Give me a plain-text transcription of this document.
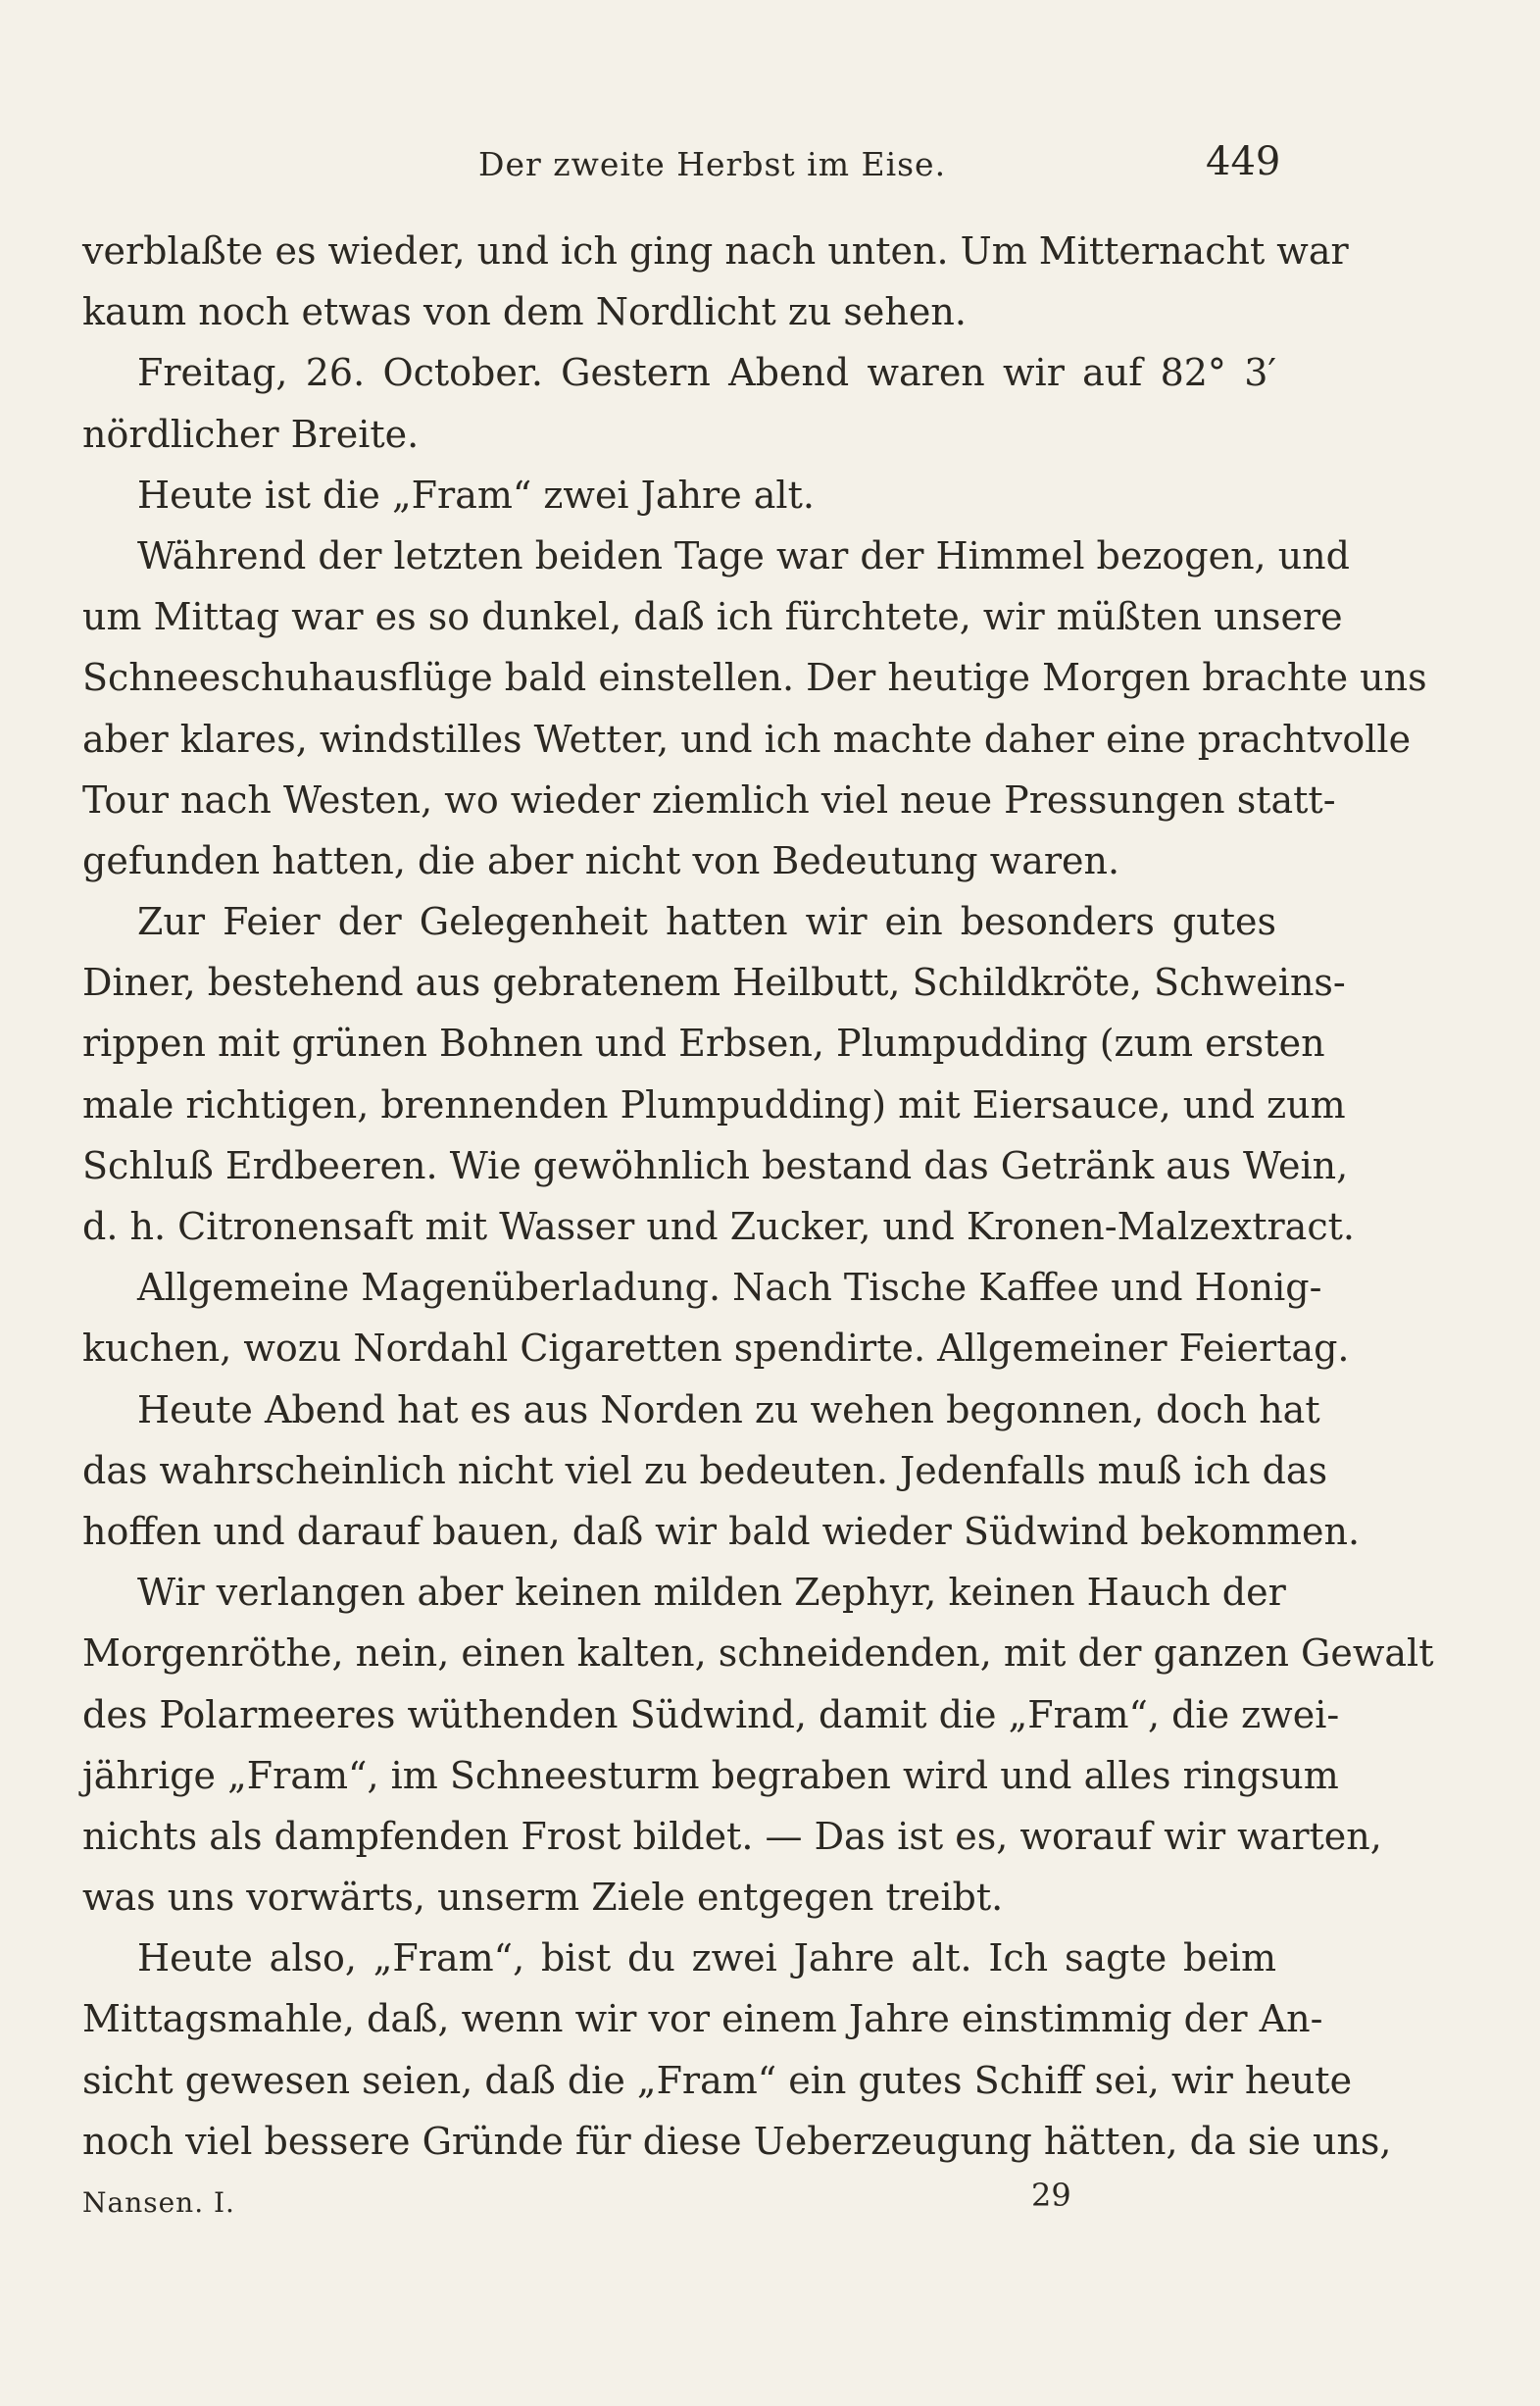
Der zweite Herbst im Eise.	449
verblaßte es wieder, und ich ging nach unten. Um Mitternacht war
kaum noch etwas von dem Nordlicht zu sehen.
Freitag, 26. October. Gestern Abend waren wir auf 82° 3′
nördlicher Breite.
Heute ist die „Fram“ zwei Jahre alt.
Während der letzten beiden Tage war der Himmel bezogen, und
um Mittag war es so dunkel, daß ich fürchtete, wir müßten unsere
Schneeschuhausflüge bald einstellen. Der heutige Morgen brachte uns
aber klares, windstilles Wetter, und ich machte daher eine prachtvolle
Tour nach Westen, wo wieder ziemlich viel neue Pressungen statt-
gefunden hatten, die aber nicht von Bedeutung waren.
Zur Feier der Gelegenheit hatten wir ein besonders gutes
Diner, bestehend aus gebratenem Heilbutt, Schildkröte, Schweins-
rippen mit grünen Bohnen und Erbsen, Plumpudding (zum ersten
male richtigen, brennenden Plumpudding) mit Eiersauce, und zum
Schluß Erdbeeren. Wie gewöhnlich bestand das Getränk aus Wein,
d. h. Citronensaft mit Wasser und Zucker, und Kronen-Malzextract.
Allgemeine Magenüberladung. Nach Tische Kaffee und Honig-
kuchen, wozu Nordahl Cigaretten spendirte. Allgemeiner Feiertag.
Heute Abend hat es aus Norden zu wehen begonnen, doch hat
das wahrscheinlich nicht viel zu bedeuten. Jedenfalls muß ich das
hoffen und darauf bauen, daß wir bald wieder Südwind bekommen.
Wir verlangen aber keinen milden Zephyr, keinen Hauch der
Morgenröthe, nein, einen kalten, schneidenden, mit der ganzen Gewalt
des Polarmeeres wüthenden Südwind, damit die „Fram“, die zwei-
jährige „Fram“, im Schneesturm begraben wird und alles ringsum
nichts als dampfenden Frost bildet. — Das ist es, worauf wir warten,
was uns vorwärts, unserm Ziele entgegen treibt.
Heute also, „Fram“, bist du zwei Jahre alt. Ich sagte beim
Mittagsmahle, daß, wenn wir vor einem Jahre einstimmig der An-
sicht gewesen seien, daß die „Fram“ ein gutes Schiff sei, wir heute
noch viel bessere Gründe für diese Ueberzeugung hätten, da sie uns,
Nansen. I.	29
